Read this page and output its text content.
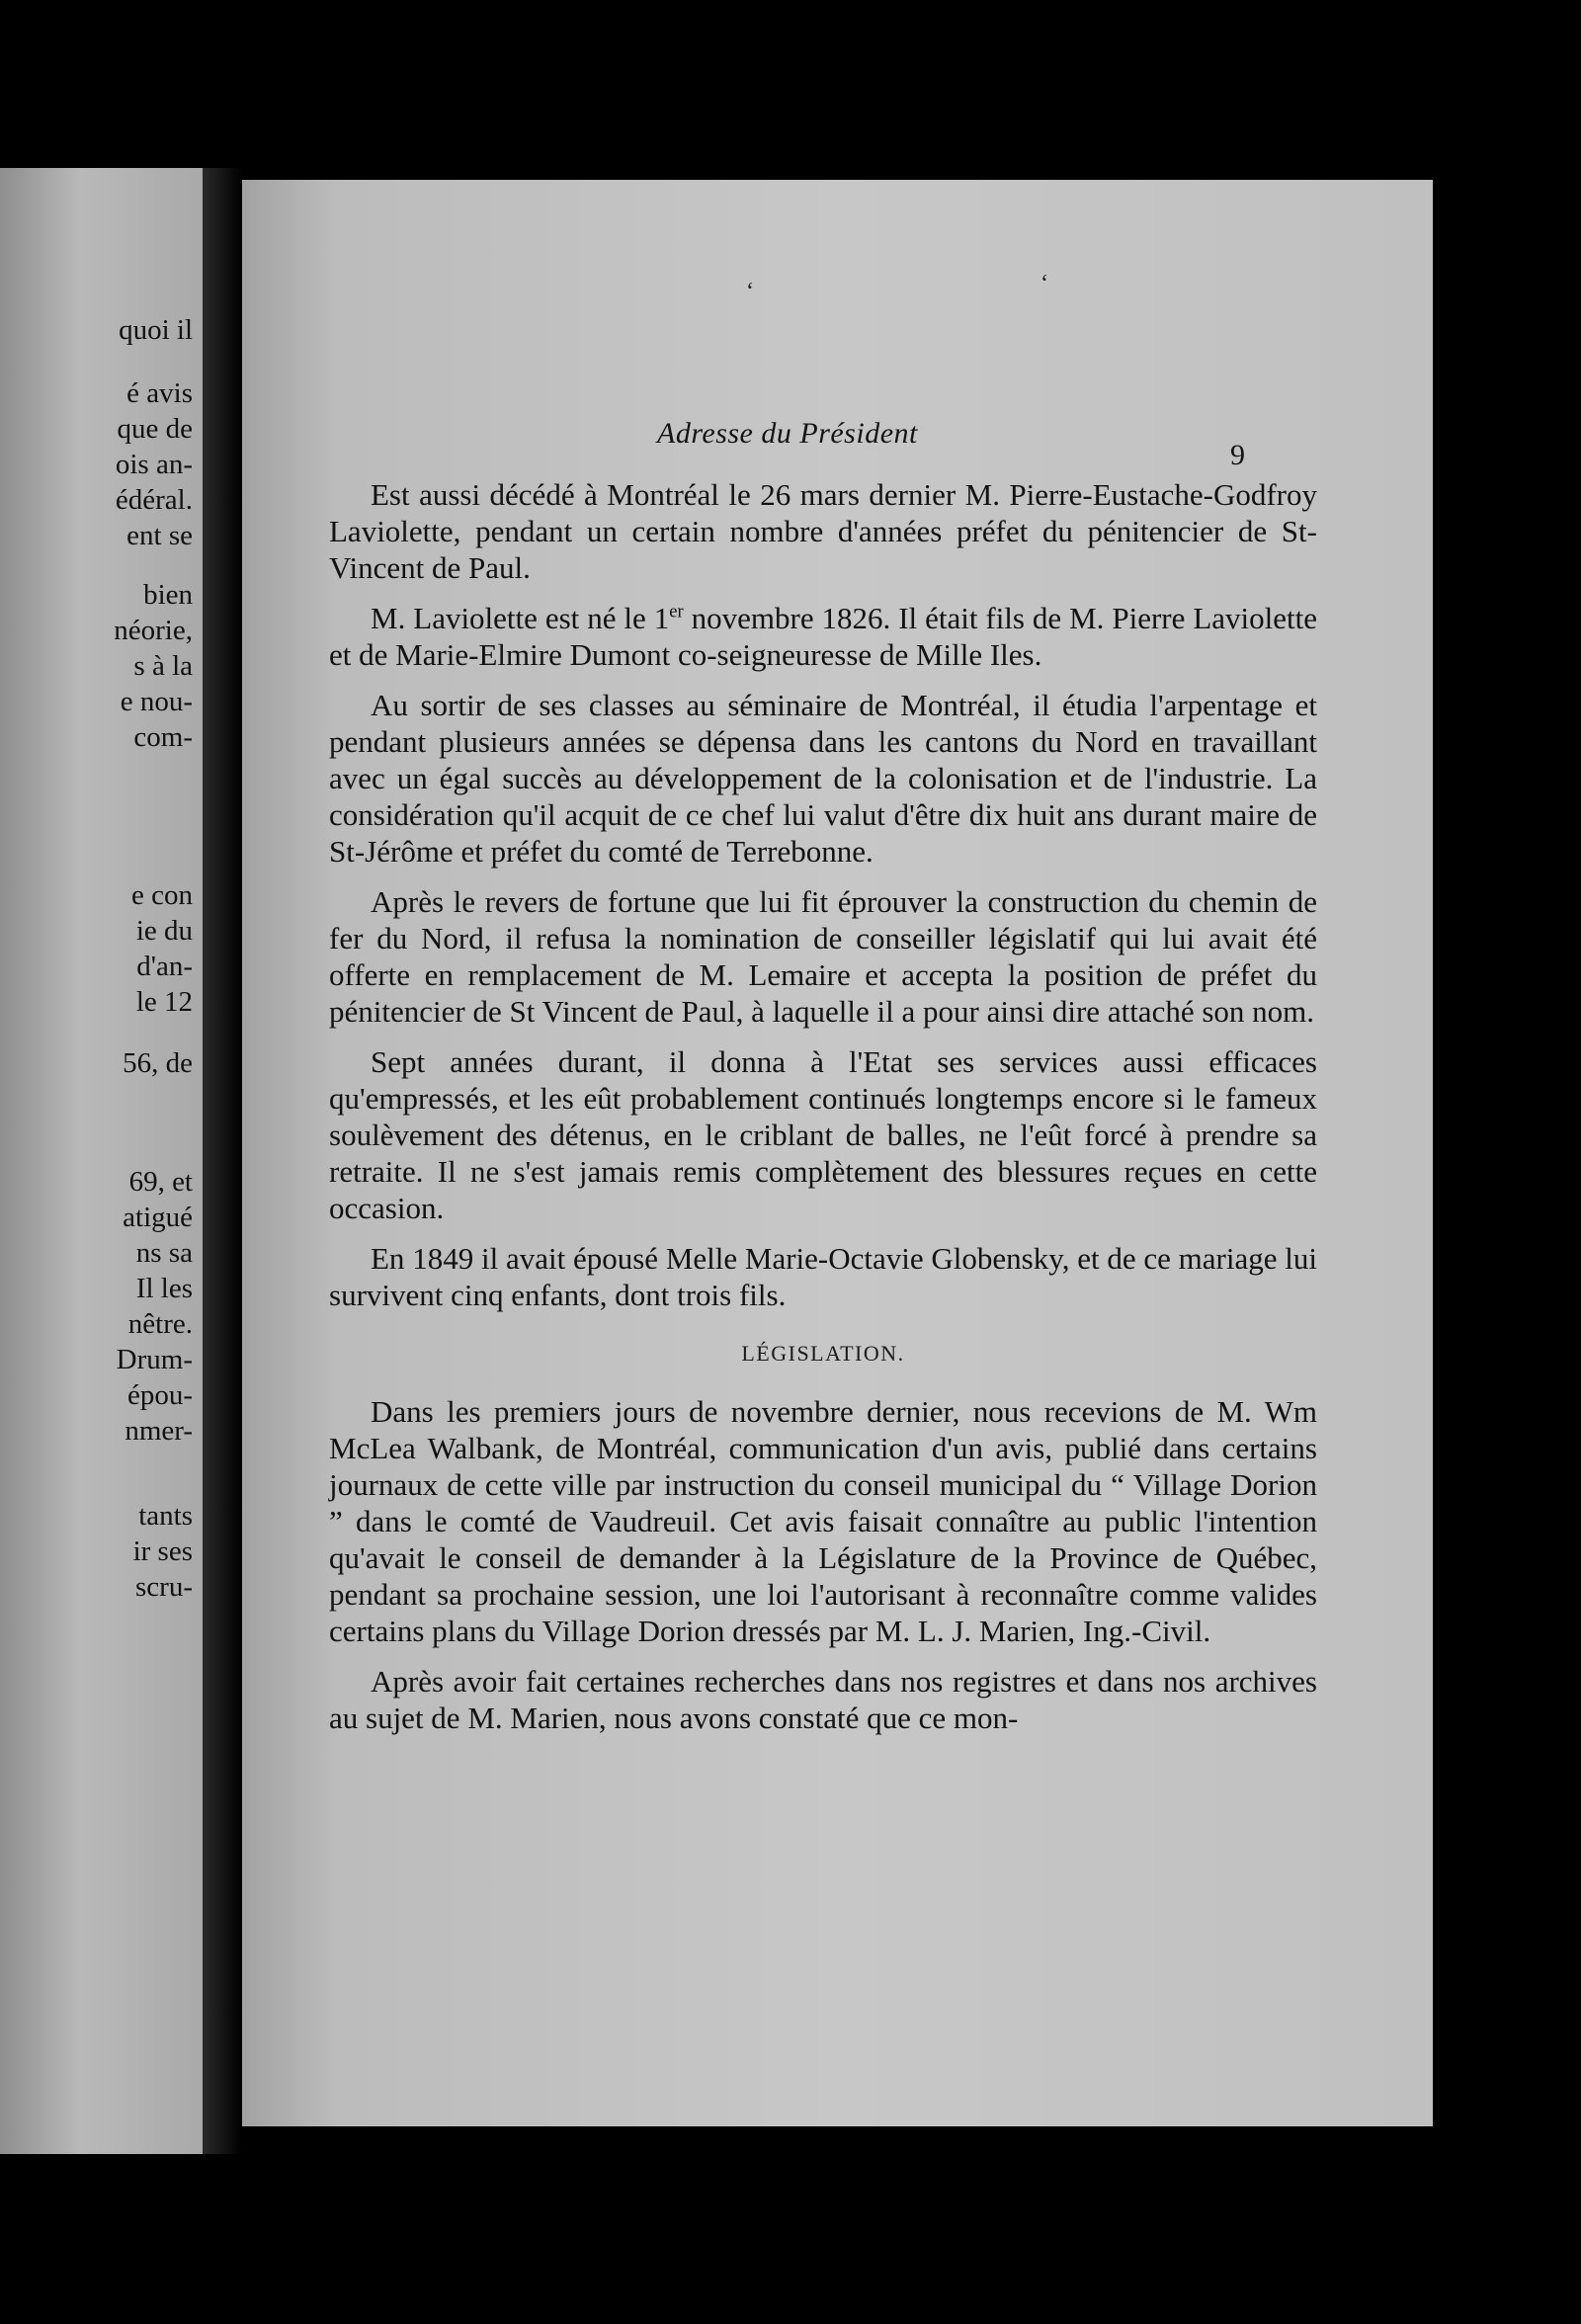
quoi il
é avis
que de
ois an-
édéral.
ent se
bien
néorie,
s à la
e nou-
com-
e con
ie du
d'an-
le 12
56, de
69, et
atigué
ns sa
Il les
nêtre.
Drum-
épou-
nmer-
tants
ir ses
scru-
Adresse du Président
9
‘
‘

Est aussi décédé à Montréal le 26 mars dernier M. Pierre-Eustache-Godfroy Laviolette, pendant un certain nombre d'années préfet du pénitencier de St-Vincent de Paul.

M. Laviolette est né le 1er novembre 1826. Il était fils de M. Pierre Laviolette et de Marie-Elmire Dumont co-seigneuresse de Mille Iles.

Au sortir de ses classes au séminaire de Montréal, il étudia l'arpentage et pendant plusieurs années se dépensa dans les cantons du Nord en travaillant avec un égal succès au développement de la colonisation et de l'industrie. La considération qu'il acquit de ce chef lui valut d'être dix huit ans durant maire de St-Jérôme et préfet du comté de Terrebonne.

Après le revers de fortune que lui fit éprouver la construction du chemin de fer du Nord, il refusa la nomination de conseiller législatif qui lui avait été offerte en remplacement de M. Lemaire et accepta la position de préfet du pénitencier de St Vincent de Paul, à laquelle il a pour ainsi dire attaché son nom.

Sept années durant, il donna à l'Etat ses services aussi efficaces qu'empressés, et les eût probablement continués longtemps encore si le fameux soulèvement des détenus, en le criblant de balles, ne l'eût forcé à prendre sa retraite. Il ne s'est jamais remis complètement des blessures reçues en cette occasion.

En 1849 il avait épousé Melle Marie-Octavie Globensky, et de ce mariage lui survivent cinq enfants, dont trois fils.

LÉGISLATION.

Dans les premiers jours de novembre dernier, nous recevions de M. Wm McLea Walbank, de Montréal, communication d'un avis, publié dans certains journaux de cette ville par instruction du conseil municipal du “ Village Dorion ” dans le comté de Vaudreuil. Cet avis faisait connaître au public l'intention qu'avait le conseil de demander à la Législature de la Province de Québec, pendant sa prochaine session, une loi l'autorisant à reconnaître comme valides certains plans du Village Dorion dressés par M. L. J. Marien, Ing.-Civil.

Après avoir fait certaines recherches dans nos registres et dans nos archives au sujet de M. Marien, nous avons constaté que ce mon-
